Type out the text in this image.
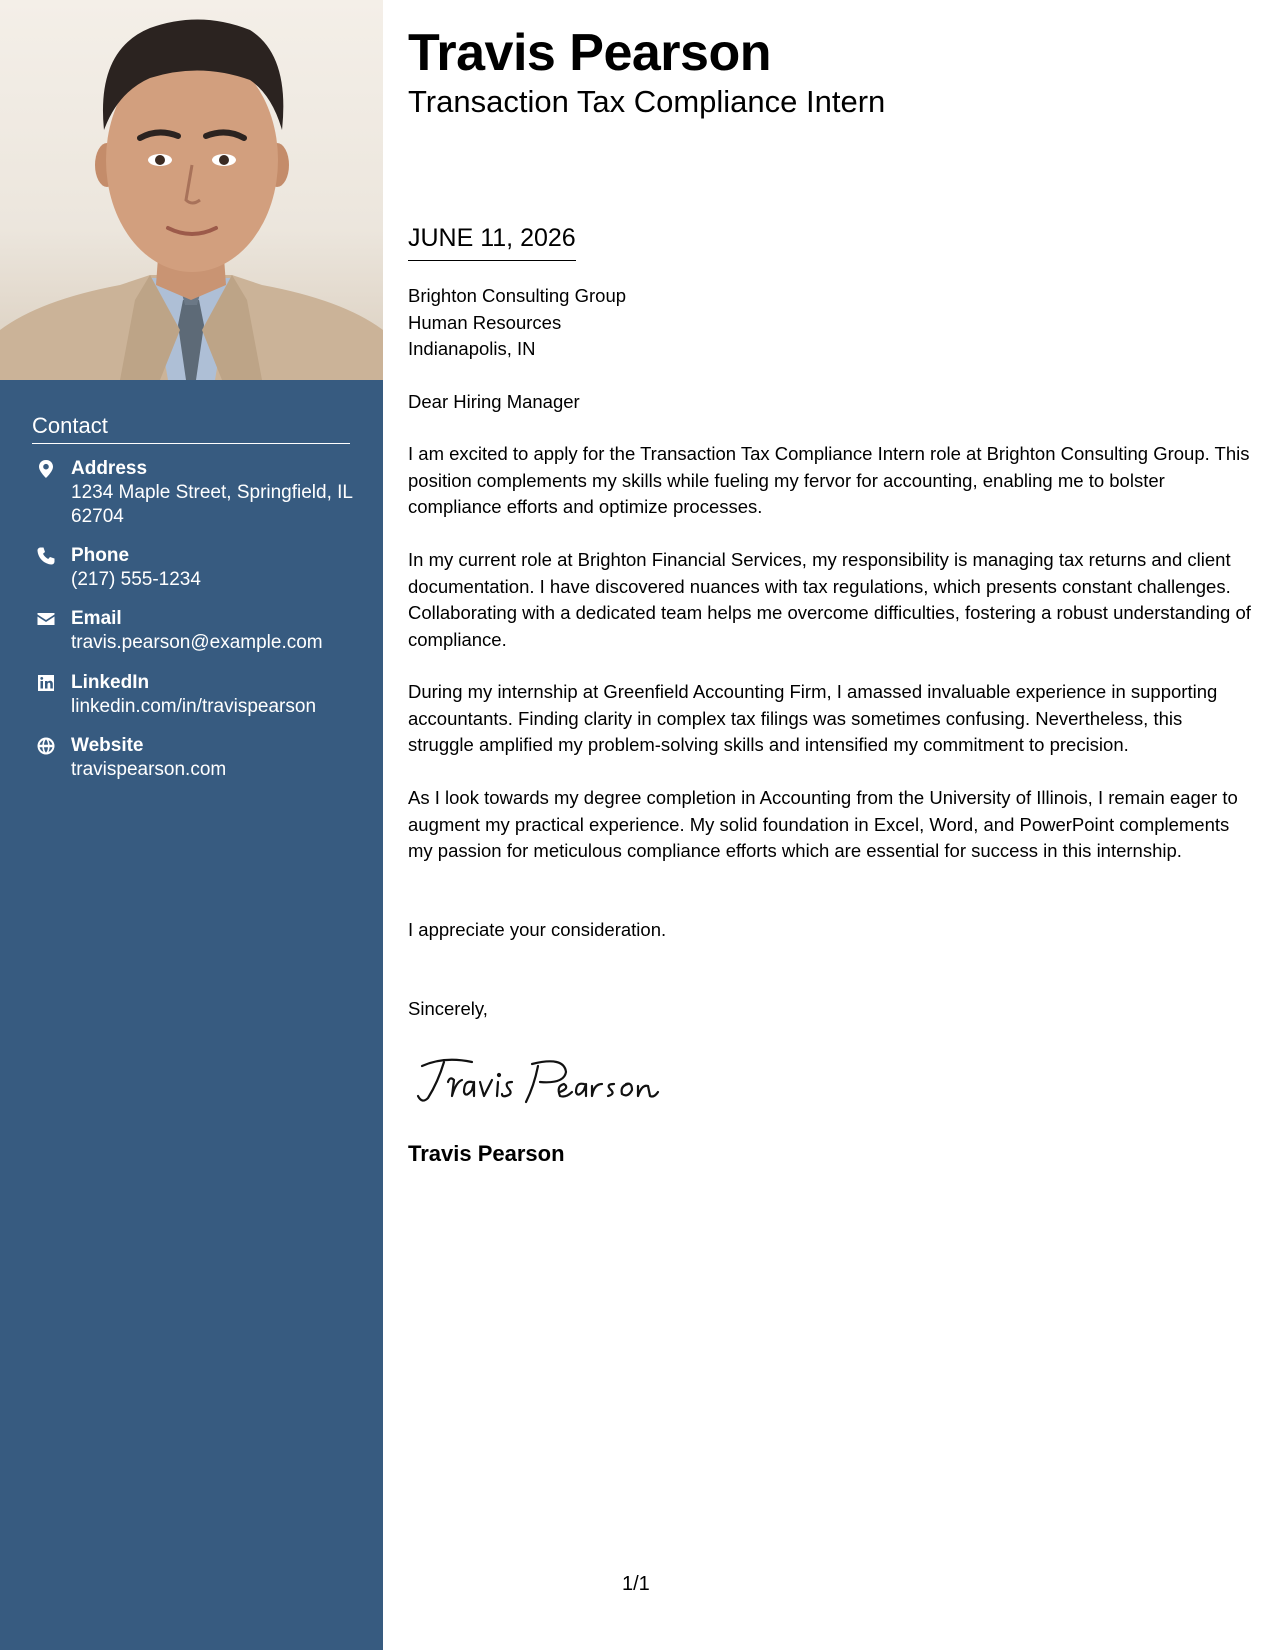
Contact
Address
1234 Maple Street, Springfield, IL 62704
Phone
(217) 555-1234
Email
travis.pearson@example.com
LinkedIn
linkedin.com/in/travispearson
Website
travispearson.com
Travis Pearson
Transaction Tax Compliance Intern
JUNE 11, 2026
Brighton Consulting Group
Human Resources
Indianapolis, IN
Dear Hiring Manager
I am excited to apply for the Transaction Tax Compliance Intern role at Brighton Consulting Group. This position complements my skills while fueling my fervor for accounting, enabling me to bolster compliance efforts and optimize processes.
In my current role at Brighton Financial Services, my responsibility is managing tax returns and client documentation. I have discovered nuances with tax regulations, which presents constant challenges. Collaborating with a dedicated team helps me overcome difficulties, fostering a robust understanding of compliance.
During my internship at Greenfield Accounting Firm, I amassed invaluable experience in supporting accountants. Finding clarity in complex tax filings was sometimes confusing. Nevertheless, this struggle amplified my problem-solving skills and intensified my commitment to precision.
As I look towards my degree completion in Accounting from the University of Illinois, I remain eager to augment my practical experience. My solid foundation in Excel, Word, and PowerPoint complements my passion for meticulous compliance efforts which are essential for success in this internship.
I appreciate your consideration.
Sincerely,
Travis Pearson
1/1
